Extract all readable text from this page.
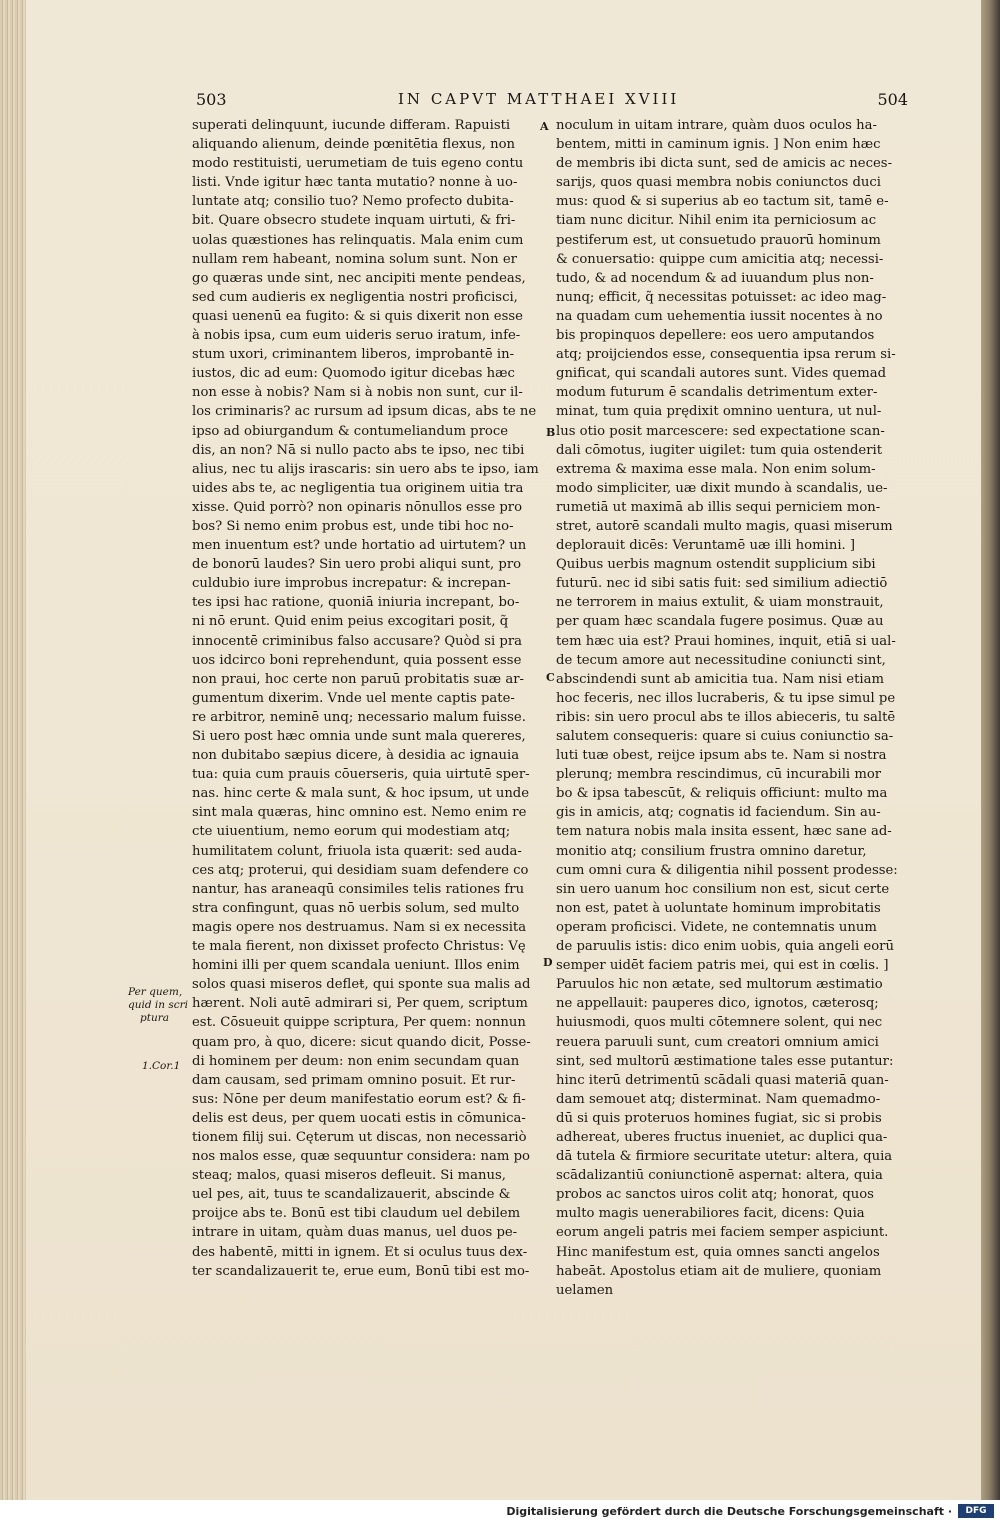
503	IN CAPVT MATTHAEI XVIII	504
superati delinquunt, iucunde differam. Rapuisti
aliquando alienum, deinde pœnitētia flexus, non
modo restituisti, uerumetiam de tuis egeno contu
listi. Vnde igitur hæc tanta mutatio? nonne à uo-
luntate atq; consilio tuo? Nemo profecto dubita-
bit. Quare obsecro studete inquam uirtuti, & fri-
uolas quæstiones has relinquatis. Mala enim cum
nullam rem habeant, nomina solum sunt. Non er
go quæras unde sint, nec ancipiti mente pendeas,
sed cum audieris ex negligentia nostri proficisci,
quasi uenenū ea fugito: & si quis dixerit non esse
à nobis ipsa, cum eum uideris seruo iratum, infe-
stum uxori, criminantem liberos, improbantē in-
iustos, dic ad eum: Quomodo igitur dicebas hæc
non esse à nobis? Nam si à nobis non sunt, cur il-
los criminaris? ac rursum ad ipsum dicas, abs te ne
ipso ad obiurgandum & contumeliandum proce
dis, an non? Nā si nullo pacto abs te ipso, nec tibi
alius, nec tu alijs irascaris: sin uero abs te ipso, iam
uides abs te, ac negligentia tua originem uitia tra
xisse. Quid porrò? non opinaris nōnullos esse pro
bos? Si nemo enim probus est, unde tibi hoc no-
men inuentum est? unde hortatio ad uirtutem? un
de bonorū laudes? Sin uero probi aliqui sunt, pro
culdubio iure improbus increpatur: & increpan-
tes ipsi hac ratione, quoniā iniuria increpant, bo-
ni nō erunt. Quid enim peius excogitari posit, q̃
innocentē criminibus falso accusare? Quòd si pra
uos idcirco boni reprehendunt, quia possent esse
non praui, hoc certe non paruū probitatis suæ ar-
gumentum dixerim. Vnde uel mente captis pate-
re arbitror, neminē unq; necessario malum fuisse.
Si uero post hæc omnia unde sunt mala quereres,
non dubitabo sæpius dicere, à desidia ac ignauia
tua: quia cum prauis cōuerseris, quia uirtutē sper-
nas. hinc certe & mala sunt, & hoc ipsum, ut unde
sint mala quæras, hinc omnino est. Nemo enim re
cte uiuentium, nemo eorum qui modestiam atq;
humilitatem colunt, friuola ista quærit: sed auda-
ces atq; proterui, qui desidiam suam defendere co
nantur, has araneaqū consimiles telis rationes fru
stra confingunt, quas nō uerbis solum, sed multo
magis opere nos destruamus. Nam si ex necessita
te mala fierent, non dixisset profecto Christus: Vę
homini illi per quem scandala ueniunt. Illos enim
solos quasi miseros defleŧ, qui sponte sua malis ad
hærent. Noli autē admirari si, Per quem, scriptum
est. Cōsueuit quippe scriptura, Per quem: nonnun
quam pro, à quo, dicere: sicut quando dicit, Posse-
di hominem per deum: non enim secundam quan
dam causam, sed primam omnino posuit. Et rur-
sus: Nōne per deum manifestatio eorum est? & fi-
delis est deus, per quem uocati estis in cōmunica-
tionem filij sui. Cęterum ut discas, non necessariò
nos malos esse, quæ sequuntur considera: nam po
steaq; malos, quasi miseros defleuit. Si manus,
uel pes, ait, tuus te scandalizauerit, abscinde &
proijce abs te. Bonū est tibi claudum uel debilem
intrare in uitam, quàm duas manus, uel duos pe-
des habentē, mitti in ignem. Et si oculus tuus dex-
ter scandalizauerit te, erue eum, Bonū tibi est mo-
noculum in uitam intrare, quàm duos oculos ha-
bentem, mitti in caminum ignis. ] Non enim hæc
de membris ibi dicta sunt, sed de amicis ac neces-
sarijs, quos quasi membra nobis coniunctos duci
mus: quod & si superius ab eo tactum sit, tamē e-
tiam nunc dicitur. Nihil enim ita perniciosum ac
pestiferum est, ut consuetudo prauorū hominum
& conuersatio: quippe cum amicitia atq; necessi-
tudo, & ad nocendum & ad iuuandum plus non-
nunq; efficit, q̃ necessitas potuisset: ac ideo mag-
na quadam cum uehementia iussit nocentes à no
bis propinquos depellere: eos uero amputandos
atq; proijciendos esse, consequentia ipsa rerum si-
gnificat, qui scandali autores sunt. Vides quemad
modum futurum ē scandalis detrimentum exter-
minat, tum quia prędixit omnino uentura, ut nul-
lus otio posit marcescere: sed expectatione scan-
dali cōmotus, iugiter uigilet: tum quia ostenderit
extrema & maxima esse mala. Non enim solum-
modo simpliciter, uæ dixit mundo à scandalis, ue-
rumetiā ut maximā ab illis sequi perniciem mon-
stret, autorē scandali multo magis, quasi miserum
deplorauit dicēs: Veruntamē uæ illi homini. ]
Quibus uerbis magnum ostendit supplicium sibi
futurū. nec id sibi satis fuit: sed similium adiectiō
ne terrorem in maius extulit, & uiam monstrauit,
per quam hæc scandala fugere posimus. Quæ au
tem hæc uia est? Praui homines, inquit, etiā si ual-
de tecum amore aut necessitudine coniuncti sint,
abscindendi sunt ab amicitia tua. Nam nisi etiam
hoc feceris, nec illos lucraberis, & tu ipse simul pe
ribis: sin uero procul abs te illos abieceris, tu saltē
salutem consequeris: quare si cuius coniunctio sa-
luti tuæ obest, reijce ipsum abs te. Nam si nostra
plerunq; membra rescindimus, cū incurabili mor
bo & ipsa tabescūt, & reliquis officiunt: multo ma
gis in amicis, atq; cognatis id faciendum. Sin au-
tem natura nobis mala insita essent, hæc sane ad-
monitio atq; consilium frustra omnino daretur,
cum omni cura & diligentia nihil possent prodesse:
sin uero uanum hoc consilium non est, sicut certe
non est, patet à uoluntate hominum improbitatis
operam proficisci. Videte, ne contemnatis unum
de paruulis istis: dico enim uobis, quia angeli eorū
semper uidēt faciem patris mei, qui est in cœlis. ]
Paruulos hic non ætate, sed multorum æstimatio
ne appellauit: pauperes dico, ignotos, cæterosq;
huiusmodi, quos multi cōtemnere solent, qui nec
reuera paruuli sunt, cum creatori omnium amici
sint, sed multorū æstimatione tales esse putantur:
hinc iterū detrimentū scādali quasi materiā quan-
dam semouet atq; disterminat. Nam quemadmo-
dū si quis proteruos homines fugiat, sic si probis
adhereat, uberes fructus inueniet, ac duplici qua-
dā tutela & firmiore securitate utetur: altera, quia
scādalizantiū coniunctionē aspernat: altera, quia
probos ac sanctos uiros colit atq; honorat, quos
multo magis uenerabiliores facit, dicens: Quia
eorum angeli patris mei faciem semper aspiciunt.
Hinc manifestum est, quia omnes sancti angelos
habeāt. Apostolus etiam ait de muliere, quoniam
uelamen
A
B
C
D
Per quem,
quid in scri
ptura
1.Cor.1
Digitalisierung gefördert durch die Deutsche Forschungsgemeinschaft ·	DFG
